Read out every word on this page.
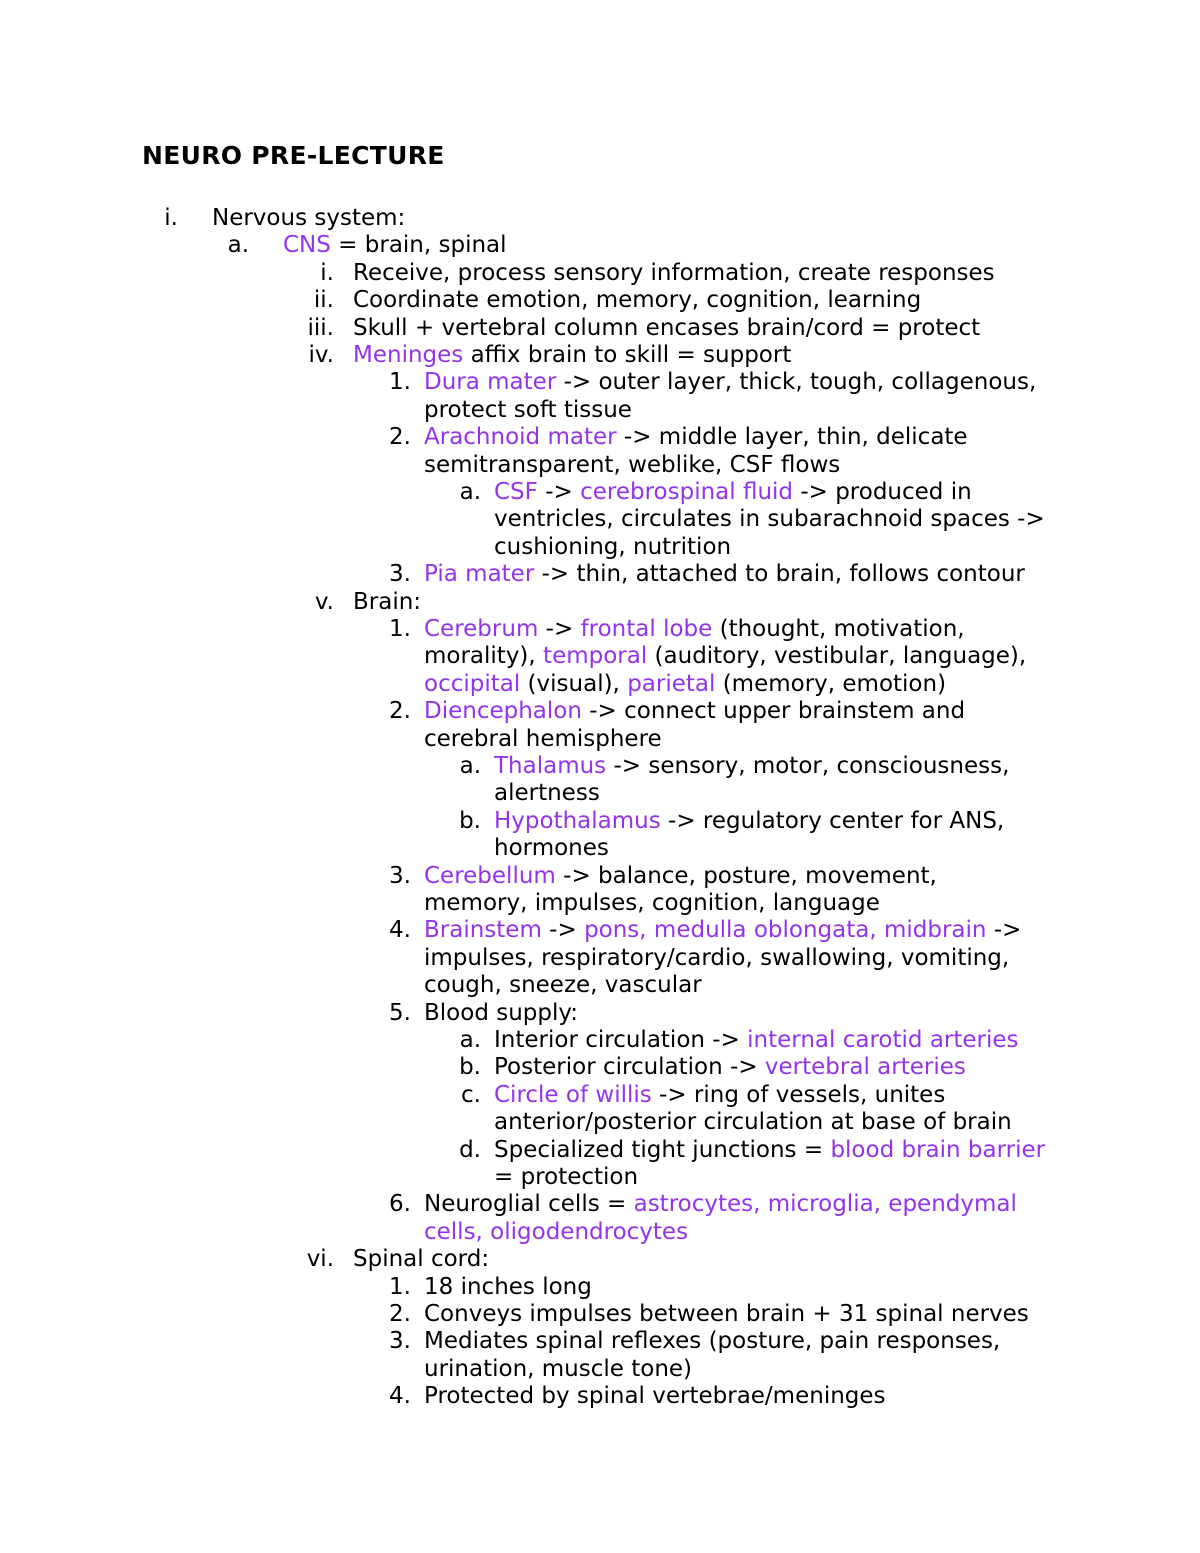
NEURO PRE-LECTURE
i. Nervous system:
a. CNS = brain, spinal
i. Receive, process sensory information, create responses
ii. Coordinate emotion, memory, cognition, learning
iii. Skull + vertebral column encases brain/cord = protect
iv. Meninges affix brain to skill = support
1. Dura mater -> outer layer, thick, tough, collagenous,
protect soft tissue
2. Arachnoid mater -> middle layer, thin, delicate
semitransparent, weblike, CSF flows
a. CSF -> cerebrospinal fluid -> produced in
ventricles, circulates in subarachnoid spaces ->
cushioning, nutrition
3. Pia mater -> thin, attached to brain, follows contour
v. Brain:
1. Cerebrum -> frontal lobe (thought, motivation,
morality), temporal (auditory, vestibular, language),
occipital (visual), parietal (memory, emotion)
2. Diencephalon -> connect upper brainstem and
cerebral hemisphere
a. Thalamus -> sensory, motor, consciousness,
alertness
b. Hypothalamus -> regulatory center for ANS,
hormones
3. Cerebellum -> balance, posture, movement,
memory, impulses, cognition, language
4. Brainstem -> pons, medulla oblongata, midbrain ->
impulses, respiratory/cardio, swallowing, vomiting,
cough, sneeze, vascular
5. Blood supply:
a. Interior circulation -> internal carotid arteries
b. Posterior circulation -> vertebral arteries
c. Circle of willis -> ring of vessels, unites
anterior/posterior circulation at base of brain
d. Specialized tight junctions = blood brain barrier
= protection
6. Neuroglial cells = astrocytes, microglia, ependymal
cells, oligodendrocytes
vi. Spinal cord:
1. 18 inches long
2. Conveys impulses between brain + 31 spinal nerves
3. Mediates spinal reflexes (posture, pain responses,
urination, muscle tone)
4. Protected by spinal vertebrae/meninges
